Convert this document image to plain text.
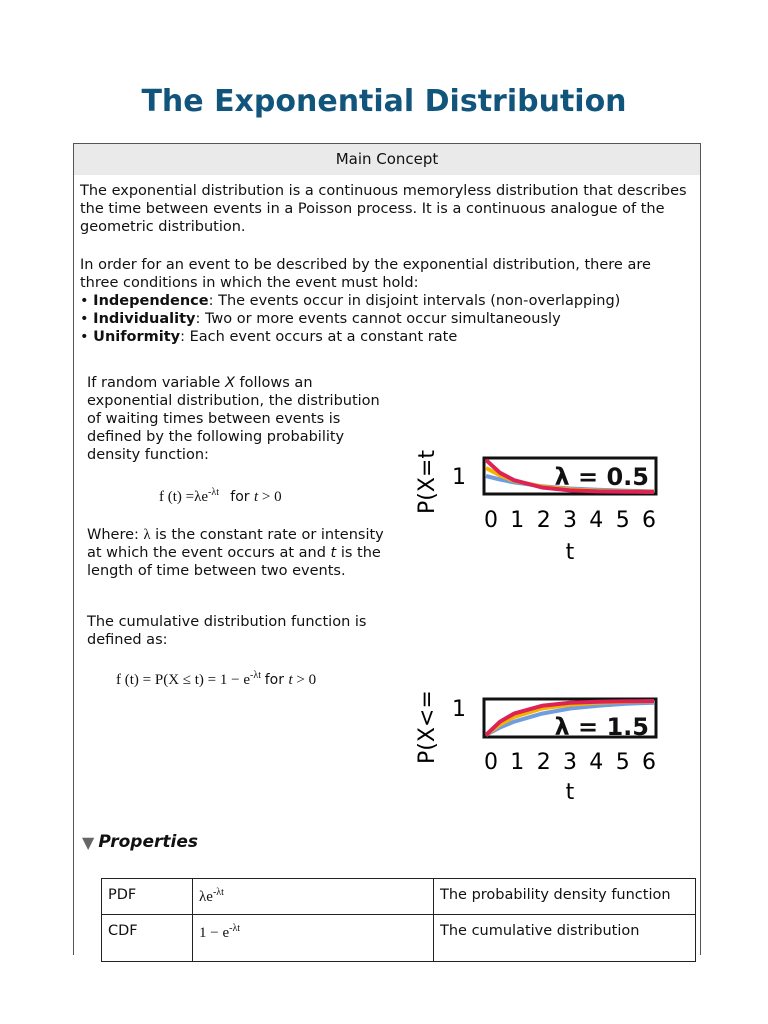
The Exponential Distribution
Main Concept
The exponential distribution is a continuous memoryless distribution that describes the time between events in a Poisson process. It is a continuous analogue of the geometric distribution.
In order for an event to be described by the exponential distribution, there are three conditions in which the event must hold:
• Independence: The events occur in disjoint intervals (non-overlapping)
• Individuality: Two or more events cannot occur simultaneously
• Uniformity: Each event occurs at a constant rate
If random variable X follows an exponential distribution, the distribution of waiting times between events is defined by the following probability density function:
f $(t) =\lambda e^{-\lambda t}$ for t > 0
Where: λ is the constant rate or intensity at which the event occurs at and t is the length of time between two events.
The cumulative distribution function is defined as:
f $(t) = P(X \le t) = 1 - e^{-\lambda t}$ for t > 0
P(X=t 1	λ = 0.5
0 1 2 3 4 5 6
t
P(X<= 1
λ = 1.5
0 1 2 3 4 5 6
t
▼ Properties
PDF	$\lambda e^{-\lambda t}$	The probability density function
CDF	$1 - e^{-\lambda t}$	The cumulative distribution
